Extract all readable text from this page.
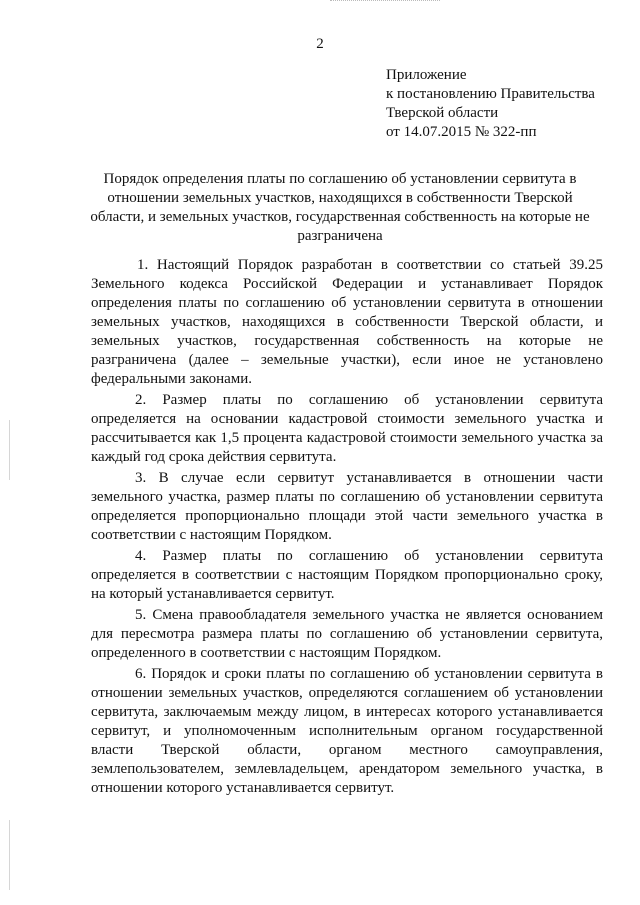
2
Приложение
к постановлению Правительства
Тверской области
от 14.07.2015 № 322-пп
Порядок определения платы по соглашению об установлении сервитута в отношении земельных участков, находящихся в собственности Тверской области, и земельных участков, государственная собственность на которые не разграничена

1. Настоящий Порядок разработан в соответствии со статьей 39.25 Земельного кодекса Российской Федерации и устанавливает Порядок определения платы по соглашению об установлении сервитута в отношении земельных участков, находящихся в собственности Тверской области, и земельных участков, государственная собственность на которые не разграничена (далее – земельные участки), если иное не установлено федеральными законами.

2. Размер платы по соглашению об установлении сервитута определяется на основании кадастровой стоимости земельного участка и рассчитывается как 1,5 процента кадастровой стоимости земельного участка за каждый год срока действия сервитута.

3. В случае если сервитут устанавливается в отношении части земельного участка, размер платы по соглашению об установлении сервитута определяется пропорционально площади этой части земельного участка в соответствии с настоящим Порядком.

4. Размер платы по соглашению об установлении сервитута определяется в соответствии с настоящим Порядком пропорционально сроку, на который устанавливается сервитут.

5. Смена правообладателя земельного участка не является основанием для пересмотра размера платы по соглашению об установлении сервитута, определенного в соответствии с настоящим Порядком.

6. Порядок и сроки платы по соглашению об установлении сервитута в отношении земельных участков, определяются соглашением об установлении сервитута, заключаемым между лицом, в интересах которого устанавливается сервитут, и уполномоченным исполнительным органом государственной власти Тверской области, органом местного самоуправления, землепользователем, землевладельцем, арендатором земельного участка, в отношении которого устанавливается сервитут.
